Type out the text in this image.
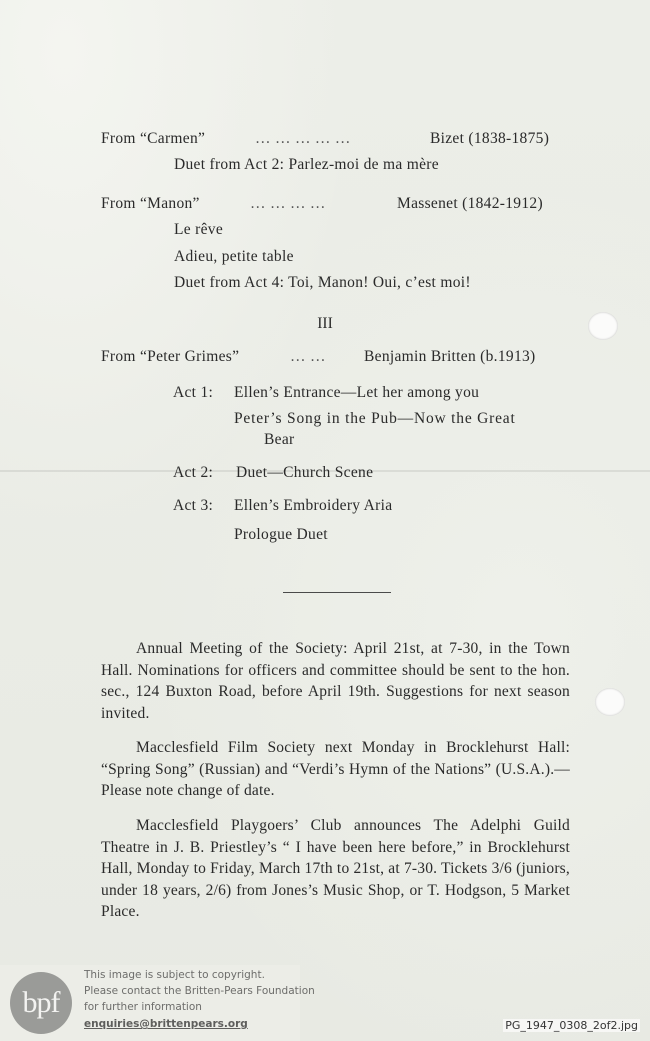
From “Carmen”	… … … … …	Bizet (1838-1875)
Duet from Act 2: Parlez-moi de ma mère
From “Manon”	… … … …	Massenet (1842-1912)
Le rêve
Adieu, petite table
Duet from Act 4: Toi, Manon! Oui, c’est moi!
III
From “Peter Grimes”	… … Benjamin Britten (b.1913)
Act 1: Ellen’s Entrance—Let her among you
Peter’s Song in the Pub—Now the Great
Bear
Act 2: Duet—Church Scene
Act 3: Ellen’s Embroidery Aria
Prologue Duet
Annual Meeting of the Society: April 21st, at 7-30, in the Town Hall. Nominations for officers and committee should be sent to the hon. sec., 124 Buxton Road, before April 19th. Suggestions for next season invited.
Macclesfield Film Society next Monday in Brocklehurst Hall: “Spring Song” (Russian) and “Verdi’s Hymn of the Nations” (U.S.A.).—Please note change of date.
Macclesfield Playgoers’ Club announces The Adelphi Guild Theatre in J. B. Priestley’s “ I have been here before,” in Brocklehurst Hall, Monday to Friday, March 17th to 21st, at 7-30. Tickets 3/6 (juniors, under 18 years, 2/6) from Jones’s Music Shop, or T. Hodgson, 5 Market Place.
bpf
This image is subject to copyright.
Please contact the Britten-Pears Foundation
for further information
enquiries@brittenpears.org	PG_1947_0308_2of2.jpg
